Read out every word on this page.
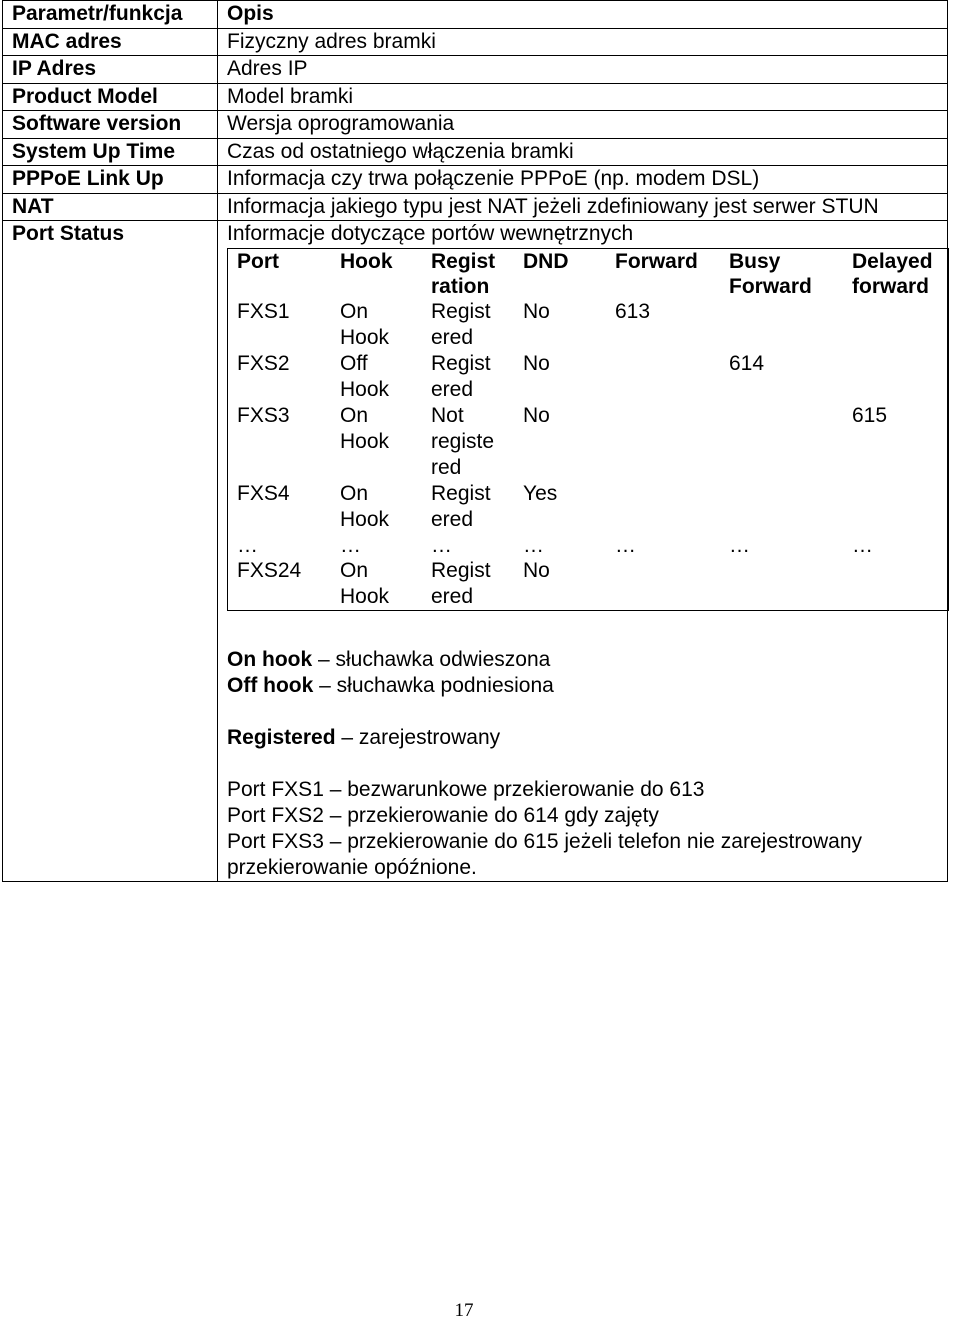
Parametr/funkcja	Opis
MAC adres	Fizyczny adres bramki
IP Adres	Adres IP
Product Model	Model bramki
Software version	Wersja oprogramowania
System Up Time	Czas od ostatniego włączenia bramki
PPPoE Link Up	Informacja czy trwa połączenie PPPoE (np. modem DSL)
NAT	Informacja jakiego typu jest NAT jeżeli zdefiniowany jest serwer STUN
Port Status	Informacje dotyczące portów wewnętrznych
Port	Hook	Regist ration	DND	Forward	Busy Forward	Delayed forward
FXS1	On Hook	Regist ered	No	613		
FXS2	Off Hook	Regist ered	No		614	
FXS3	On Hook	Not registe red	No			615
FXS4	On Hook	Regist ered	Yes			
…	…	…	…	…	…	…
FXS24	On Hook	Regist ered	No			
On hook – słuchawka odwieszona
Off hook – słuchawka podniesiona
Registered – zarejestrowany
Port FXS1 – bezwarunkowe przekierowanie do 613
Port FXS2 – przekierowanie do 614 gdy zajęty
Port FXS3 – przekierowanie do 615 jeżeli telefon nie zarejestrowany przekierowanie opóźnione.
17
